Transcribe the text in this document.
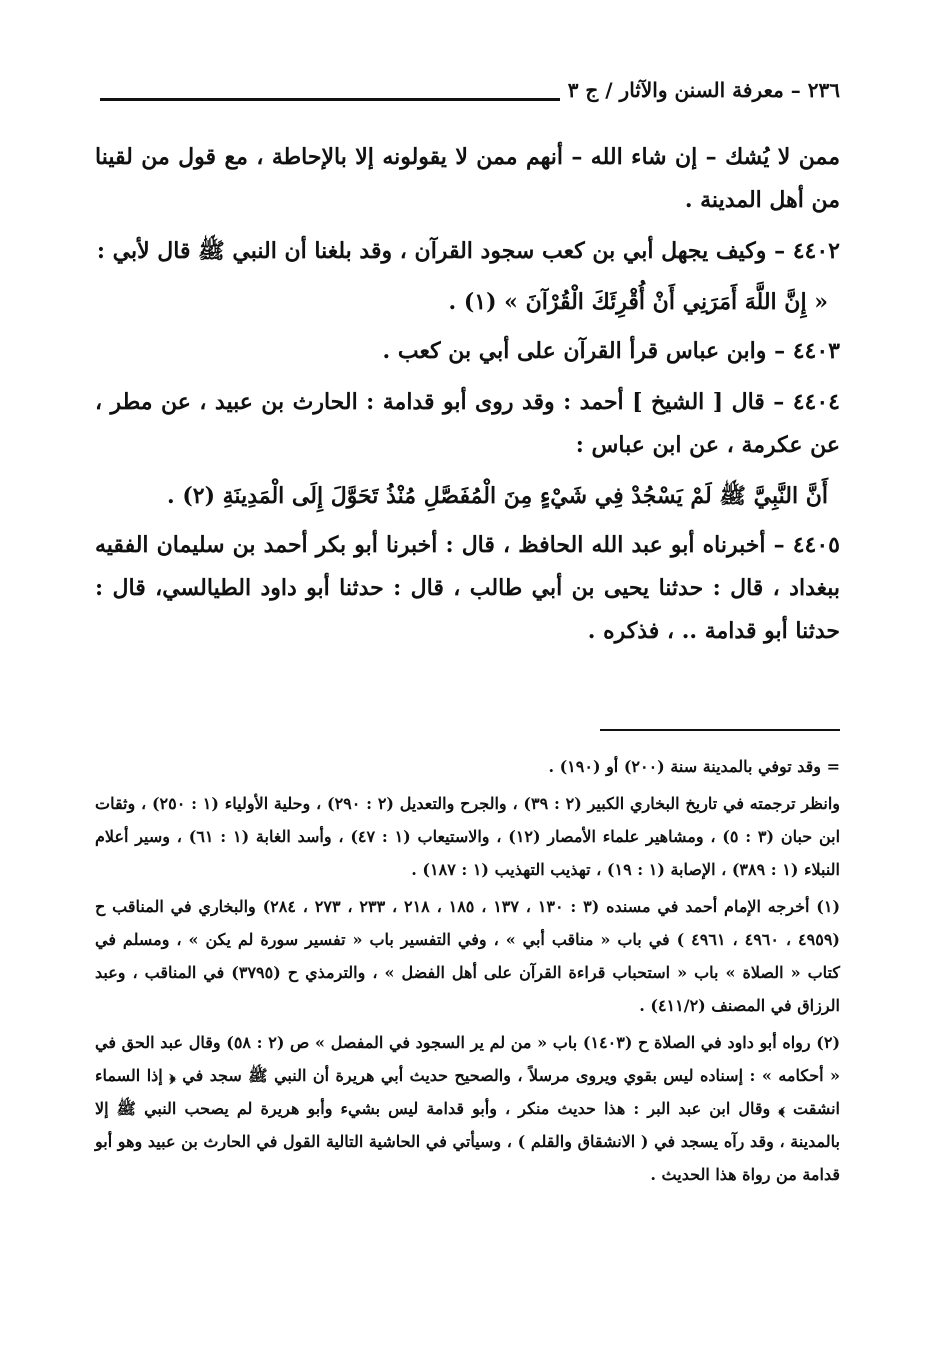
٢٣٦ – معرفة السنن والآثار / ج ٣

ممن لا يُشك – إن شاء الله – أنهم ممن لا يقولونه إلا بالإحاطة ، مع قول من لقينا من أهل المدينة .

٤٤٠٢ – وكيف يجهل أبي بن كعب سجود القرآن ، وقد بلغنا أن النبي ﷺ قال لأبي :

« إِنَّ اللَّهَ أَمَرَنِي أَنْ أُقْرِئَكَ الْقُرْآنَ » (١) .

٤٤٠٣ – وابن عباس قرأ القرآن على أبي بن كعب .

٤٤٠٤ – قال [ الشيخ ] أحمد : وقد روى أبو قدامة : الحارث بن عبيد ، عن مطر ، عن عكرمة ، عن ابن عباس :

أَنَّ النَّبِيَّ ﷺ لَمْ يَسْجُدْ فِي شَيْءٍ مِنَ الْمُفَصَّلِ مُنْذُ تَحَوَّلَ إِلَى الْمَدِينَةِ (٢) .

٤٤٠٥ – أخبرناه أبو عبد الله الحافظ ، قال : أخبرنا أبو بكر أحمد بن سليمان الفقيه ببغداد ، قال : حدثنا يحيى بن أبي طالب ، قال : حدثنا أبو داود الطيالسي، قال : حدثنا أبو قدامة .. ، فذكره .

= وقد توفي بالمدينة سنة (٢٠٠) أو (١٩٠) .

وانظر ترجمته في تاريخ البخاري الكبير (٢ : ٣٩) ، والجرح والتعديل (٢ : ٢٩٠) ، وحلية الأولياء (١ : ٢٥٠) ، وثقات ابن حبان (٣ : ٥) ، ومشاهير علماء الأمصار (١٢) ، والاستيعاب (١ : ٤٧) ، وأسد الغابة (١ : ٦١) ، وسير أعلام النبلاء (١ : ٣٨٩) ، الإصابة (١ : ١٩) ، تهذيب التهذيب (١ : ١٨٧) .

(١) أخرجه الإمام أحمد في مسنده (٣ : ١٣٠ ، ١٣٧ ، ١٨٥ ، ٢١٨ ، ٢٣٣ ، ٢٧٣ ، ٢٨٤) والبخاري في المناقب ح (٤٩٥٩ ، ٤٩٦٠ ، ٤٩٦١ ) في باب « مناقب أبي » ، وفي التفسير باب « تفسير سورة لم يكن » ، ومسلم في كتاب « الصلاة » باب « استحباب قراءة القرآن على أهل الفضل » ، والترمذي ح (٣٧٩٥) في المناقب ، وعبد الرزاق في المصنف (٤١١/٢) .

(٢) رواه أبو داود في الصلاة ح (١٤٠٣) باب « من لم ير السجود في المفصل » ص (٢ : ٥٨) وقال عبد الحق في « أحكامه » : إسناده ليس بقوي ويروى مرسلاً ، والصحيح حديث أبي هريرة أن النبي ﷺ سجد في ﴿ إذا السماء انشقت ﴾ وقال ابن عبد البر : هذا حديث منكر ، وأبو قدامة ليس بشيء وأبو هريرة لم يصحب النبي ﷺ إلا بالمدينة ، وقد رآه يسجد في ( الانشقاق والقلم ) ، وسيأتي في الحاشية التالية القول في الحارث بن عبيد وهو أبو قدامة من رواة هذا الحديث .
